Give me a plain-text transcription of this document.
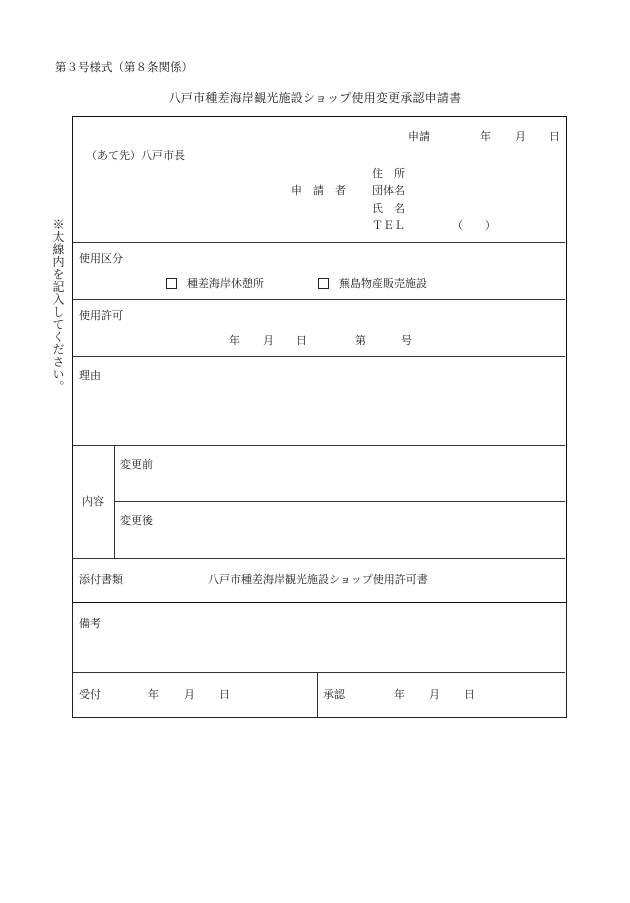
第３号様式（第８条関係）
八戸市種差海岸観光施設ショップ使用変更承認申請書
※太線内を記入してください。
申請	年 月 日
（あて先）八戸市長
住　所
申　請　者 団体名
氏　名
ＴＥＬ	（　　）
使用区分
種差海岸休憩所	蕪島物産販売施設
使用許可
年 月 日	第	号
理由
内容
変更前
変更後
添付書類	八戸市種差海岸観光施設ショップ使用許可書
備考
受付	年 月 日	承認	年 月 日
